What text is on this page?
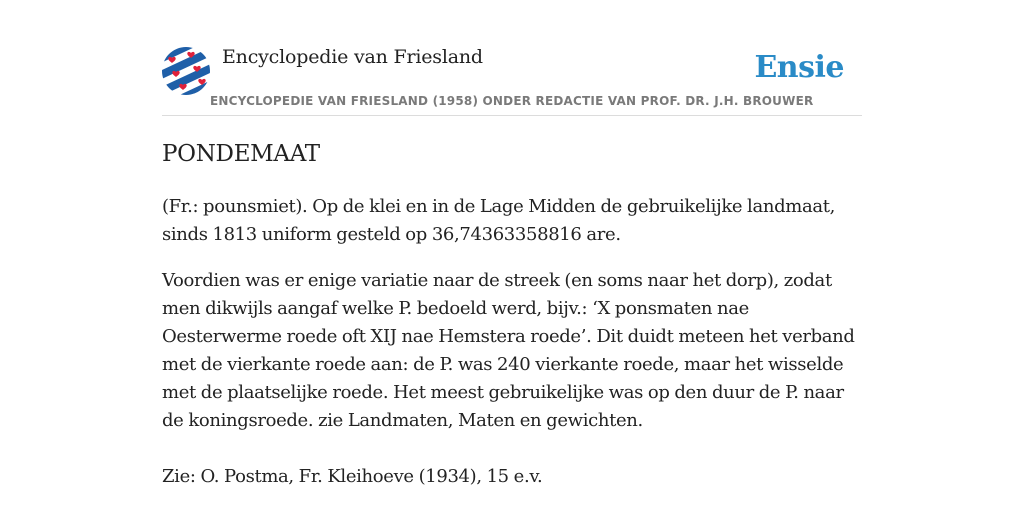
Encyclopedie van Friesland
ENCYCLOPEDIE VAN FRIESLAND (1958) ONDER REDACTIE VAN PROF. DR. J.H. BROUWER
Ensie
PONDEMAAT

(Fr.: pounsmiet). Op de klei en in de Lage Midden de gebruikelijke landmaat, sinds 1813 uniform gesteld op 36,74363358816 are.

Voordien was er enige variatie naar de streek (en soms naar het dorp), zodat men dikwijls aangaf welke P. bedoeld werd, bijv.: ‘X ponsmaten nae Oesterwerme roede oft XIJ nae Hemstera roede’. Dit duidt meteen het verband met de vierkante roede aan: de P. was 240 vierkante roede, maar het wisselde met de plaatselijke roede. Het meest gebruikelijke was op den duur de P. naar de koningsroede. zie Landmaten, Maten en gewichten.

Zie: O. Postma, Fr. Kleihoeve (1934), 15 e.v.
